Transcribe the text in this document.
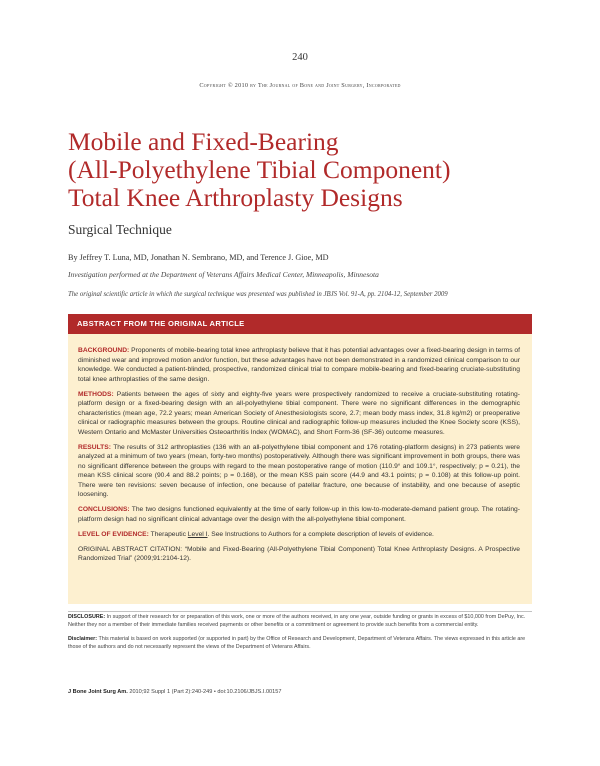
240
Copyright © 2010 by The Journal of Bone and Joint Surgery, Incorporated
Mobile and Fixed-Bearing
(All-Polyethylene Tibial Component)
Total Knee Arthroplasty Designs
Surgical Technique
By Jeffrey T. Luna, MD, Jonathan N. Sembrano, MD, and Terence J. Gioe, MD
Investigation performed at the Department of Veterans Affairs Medical Center, Minneapolis, Minnesota
The original scientific article in which the surgical technique was presented was published in JBJS Vol. 91-A, pp. 2104-12, September 2009
ABSTRACT FROM THE ORIGINAL ARTICLE

BACKGROUND: Proponents of mobile-bearing total knee arthroplasty believe that it has potential advantages over a fixed-bearing design in terms of diminished wear and improved motion and/or function, but these advantages have not been demonstrated in a randomized clinical comparison to our knowledge. We conducted a patient-blinded, prospective, randomized clinical trial to compare mobile-bearing and fixed-bearing cruciate-substituting total knee arthroplasties of the same design.

METHODS: Patients between the ages of sixty and eighty-five years were prospectively randomized to receive a cruciate-substituting rotating-platform design or a fixed-bearing design with an all-polyethylene tibial component. There were no significant differences in the demographic characteristics (mean age, 72.2 years; mean American Society of Anesthesiologists score, 2.7; mean body mass index, 31.8 kg/m2) or preoperative clinical or radiographic measures between the groups. Routine clinical and radiographic follow-up measures included the Knee Society score (KSS), Western Ontario and McMaster Universities Osteoarthritis Index (WOMAC), and Short Form-36 (SF-36) outcome measures.

RESULTS: The results of 312 arthroplasties (136 with an all-polyethylene tibial component and 176 rotating-platform designs) in 273 patients were analyzed at a minimum of two years (mean, forty-two months) postoperatively. Although there was significant improvement in both groups, there was no significant difference between the groups with regard to the mean postoperative range of motion (110.9° and 109.1°, respectively; p = 0.21), the mean KSS clinical score (90.4 and 88.2 points; p = 0.168), or the mean KSS pain score (44.9 and 43.1 points; p = 0.108) at this follow-up point. There were ten revisions: seven because of infection, one because of patellar fracture, one because of instability, and one because of aseptic loosening.

CONCLUSIONS: The two designs functioned equivalently at the time of early follow-up in this low-to-moderate-demand patient group. The rotating-platform design had no significant clinical advantage over the design with the all-polyethylene tibial component.

LEVEL OF EVIDENCE: Therapeutic Level I. See Instructions to Authors for a complete description of levels of evidence.

ORIGINAL ABSTRACT CITATION: “Mobile and Fixed-Bearing (All-Polyethylene Tibial Component) Total Knee Arthroplasty Designs. A Prospective Randomized Trial” (2009;91:2104-12).

DISCLOSURE: In support of their research for or preparation of this work, one or more of the authors received, in any one year, outside funding or grants in excess of $10,000 from DePuy, Inc. Neither they nor a member of their immediate families received payments or other benefits or a commitment or agreement to provide such benefits from a commercial entity.

Disclaimer: This material is based on work supported (or supported in part) by the Office of Research and Development, Department of Veterans Affairs. The views expressed in this article are those of the authors and do not necessarily represent the views of the Department of Veterans Affairs.

J Bone Joint Surg Am. 2010;92 Suppl 1 (Part 2):240-249 • doi:10.2106/JBJS.I.00157
